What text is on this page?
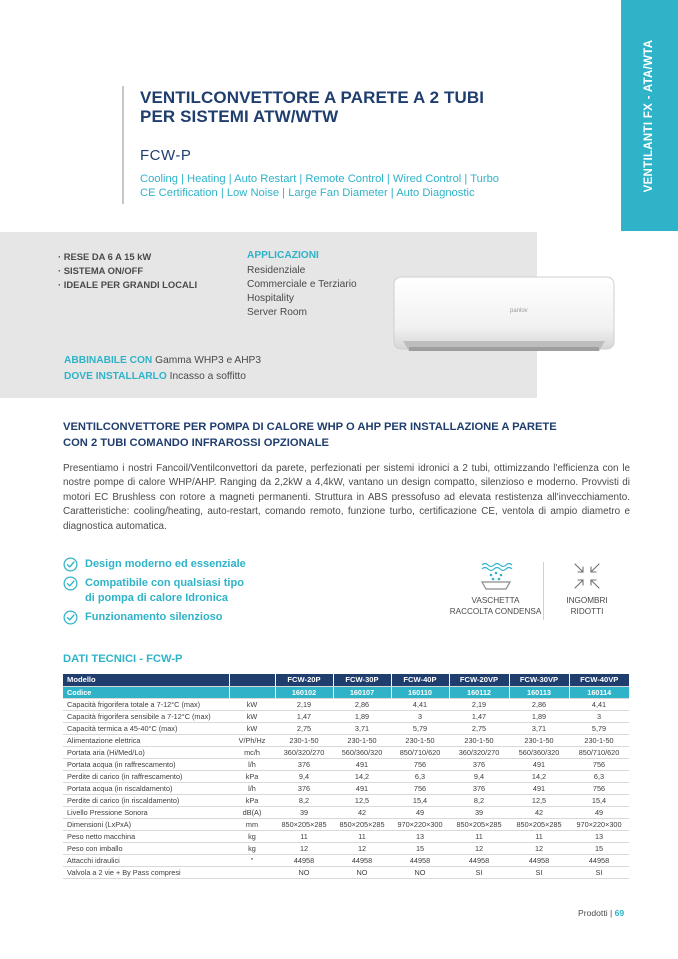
VENTILANTI FX - ATA/WTA
VENTILCONVETTORE A PARETE A 2 TUBI
PER SISTEMI ATW/WTW
FCW-P
Cooling | Heating | Auto Restart | Remote Control | Wired Control | Turbo
CE Certification | Low Noise | Large Fan Diameter | Auto Diagnostic
· RESE DA 6 A 15 kW
· SISTEMA ON/OFF
· IDEALE PER GRANDI LOCALI
APPLICAZIONI
Residenziale
Commerciale e Terziario
Hospitality
Server Room
ABBINABILE CON Gamma WHP3 e AHP3
DOVE INSTALLARLO Incasso a soffitto
panlov
VENTILCONVETTORE PER POMPA DI CALORE WHP O AHP PER INSTALLAZIONE A PARETE
CON 2 TUBI COMANDO INFRAROSSI OPZIONALE

Presentiamo i nostri Fancoil/Ventilconvettori da parete, perfezionati per sistemi idronici a 2 tubi, ottimizzando l'efficienza con le nostre pompe di calore WHP/AHP. Ranging da 2,2kW a 4,4kW, vantano un design compatto, silenzioso e moderno. Provvisti di motori EC Brushless con rotore a magneti permanenti. Struttura in ABS pressofuso ad elevata restistenza all'invecchiamento. Caratteristiche: cooling/heating, auto-restart, comando remoto, funzione turbo, certificazione CE, ventola di ampio diametro e diagnostica automatica.

Design moderno ed essenziale
Compatibile con qualsiasi tipo
di pompa di calore Idronica
Funzionamento silenzioso
VASCHETTA
RACCOLTA CONDENSA
INGOMBRI
RIDOTTI
DATI TECNICI - FCW-P
Modello		FCW-20P	FCW-30P	FCW-40P	FCW-20VP	FCW-30VP	FCW-40VP
Codice		160102	160107	160110	160112	160113	160114
Capacità frigorifera totale a 7-12°C (max)	kW	2,19	2,86	4,41	2,19	2,86	4,41
Capacità frigorifera sensibile a 7-12°C (max)	kW	1,47	1,89	3	1,47	1,89	3
Capacità termica a 45-40°C (max)	kW	2,75	3,71	5,79	2,75	3,71	5,79
Alimentazione elettrica	V/Ph/Hz	230-1-50	230-1-50	230-1-50	230-1-50	230-1-50	230-1-50
Portata aria (Hi/Med/Lo)	mc/h	360/320/270	560/360/320	850/710/620	360/320/270	560/360/320	850/710/620
Portata acqua (in raffrescamento)	l/h	376	491	756	376	491	756
Perdite di carico (in raffrescamento)	kPa	9,4	14,2	6,3	9,4	14,2	6,3
Portata acqua (in riscaldamento)	l/h	376	491	756	376	491	756
Perdite di carico (in riscaldamento)	kPa	8,2	12,5	15,4	8,2	12,5	15,4
Livello Pressione Sonora	dB(A)	39	42	49	39	42	49
Dimensioni (LxPxA)	mm	850×205×285	850×205×285	970×220×300	850×205×285	850×205×285	970×220×300
Peso netto macchina	kg	11	11	13	11	11	13
Peso con imballo	kg	12	12	15	12	12	15
Attacchi idraulici	"	44958	44958	44958	44958	44958	44958
Valvola a 2 vie + By Pass compresi		NO	NO	NO	SI	SI	SI
Prodotti | 69
